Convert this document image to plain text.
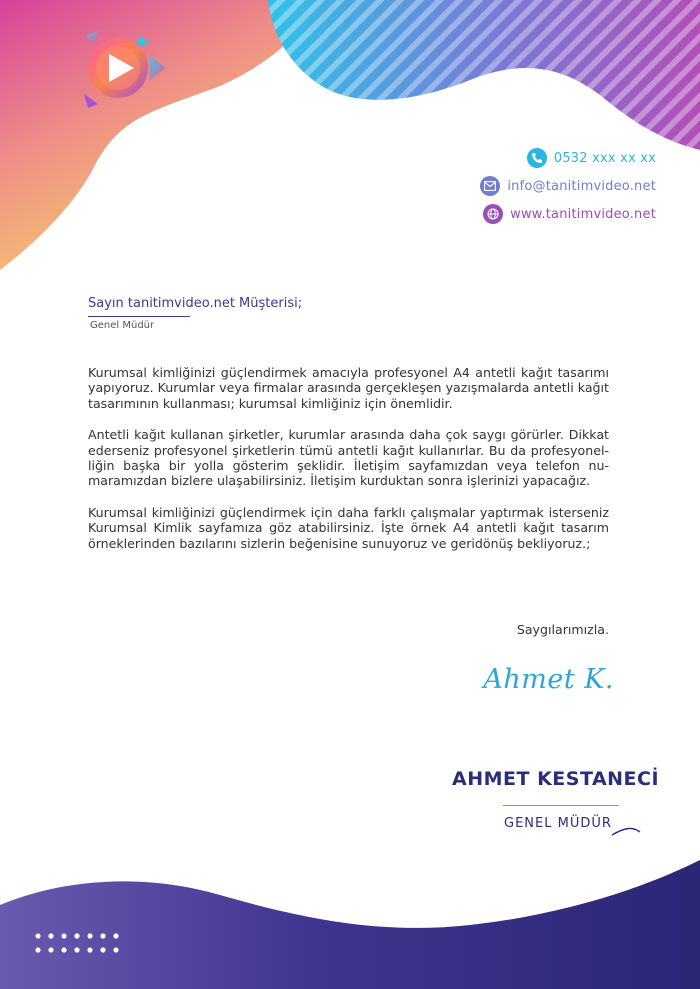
0532 xxx xx xx
info@tanitimvideo.net
www.tanitimvideo.net
Sayın tanitimvideo.net Müşterisi;
Genel Müdür

Kurumsal kimliğinizi güçlendirmek amacıyla profesyonel A4 antetli kağıt tasarımı yapıyoruz. Kurumlar veya firmalar arasında gerçekleşen yazışmalarda antetli kağıt tasarımının kullanması; kurumsal kimliğiniz için önemlidir.

Antetli kağıt kullanan şirketler, kurumlar arasında daha çok saygı görürler. Dikkat ederseniz profesyonel şirketlerin tümü antetli kağıt kullanırlar. Bu da profesyonel-liğin başka bir yolla gösterim şeklidir. İletişim sayfamızdan veya telefon nu-maramızdan bizlere ulaşabilirsiniz. İletişim kurduktan sonra işlerinizi yapacağız.

Kurumsal kimliğinizi güçlendirmek için daha farklı çalışmalar yaptırmak isterseniz Kurumsal Kimlik sayfamıza göz atabilirsiniz. İşte örnek A4 antetli kağıt tasarım örneklerinden bazılarını sizlerin beğenisine sunuyoruz ve geridönüş bekliyoruz.;

Saygılarımızla.
Ahmet K.
AHMET KESTANECİ
GENEL MÜDÜR
